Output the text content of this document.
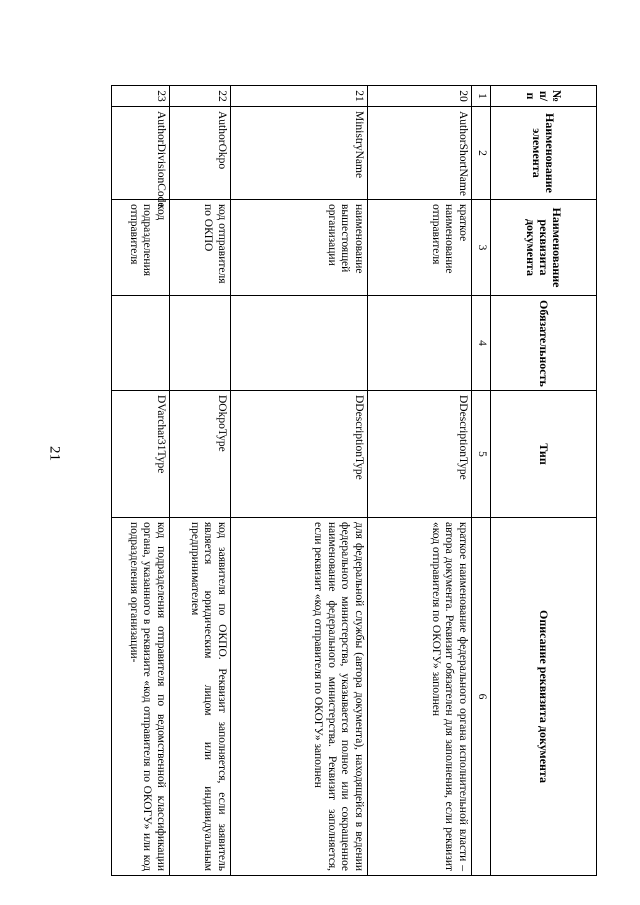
21
№ п/п	Наименование элемента	Наименование реквизита документа	Обязательность	Тип	Описание реквизита документа
1	2	3	4	5	6
20	AuthorShortName	краткое наименование отправителя		DDescriptionType	краткое наименование федерального органа исполнительной власти – автора документа. Реквизит обязателен для заполнения, если реквизит «код отправителя по ОКОГУ» заполнен
21	MinistryName	наименование вышестоящей организации		DDescriptionType	для федеральной службы (автора документа), находящейся в ведении федерального министерства, указывается полное или сокращенное наименование федерального министерства. Реквизит заполняется, если реквизит «код отправителя по ОКОГУ» заполнен
22	AuthorOkpo	код отправителя по ОКПО		DOkpoType	код заявителя по ОКПО. Реквизит заполняется, если заявитель является юридическим лицом или индивидуальным предпринимателем
23	AuthorDivisionCode	код подразделения отправителя		DVarchar31Type	код подразделения отправителя по ведомственной классификации органа, указанного в реквизите «код отправителя по ОКОГУ» или код подразделения организации-
